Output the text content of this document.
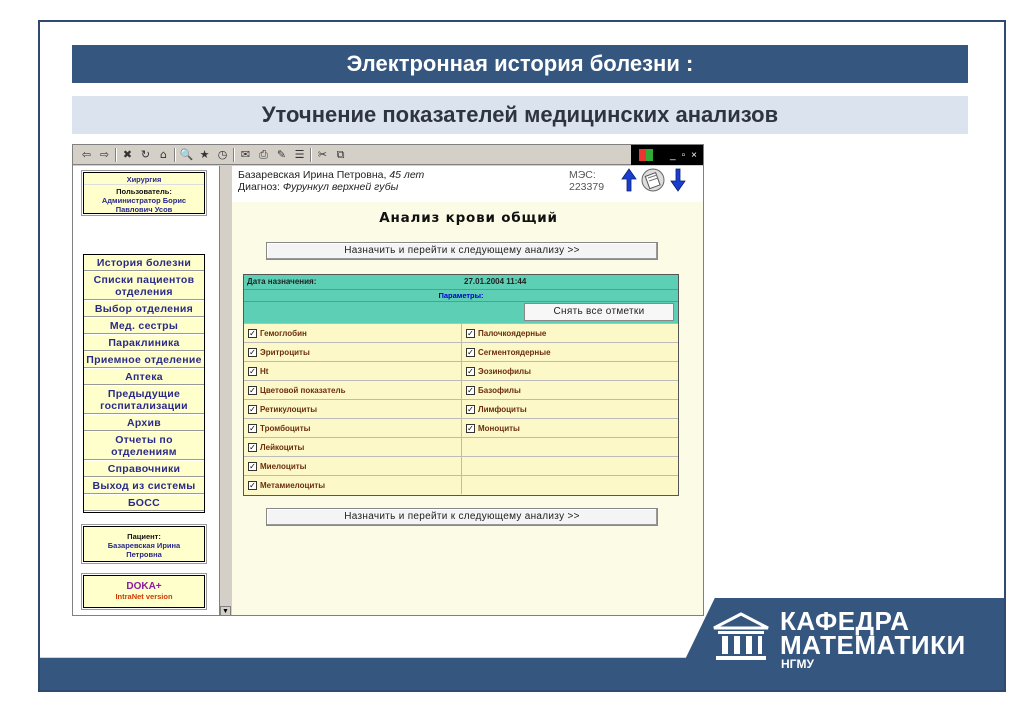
Электронная история болезни :
Уточнение показателей медицинских анализов
КАФЕДРА
МАТЕМАТИКИ
НГМУ
⇦ ⇨ ✖ ↻ ⌂	🔍 ★ ◷ ✉ ⎙ ✎ ☰ ✂ ⧉	_ ▫ ×
Хирургия
Пользователь:
Администратор Борис Павлович Усов
История болезни
Списки пациентов отделения
Выбор отделения
Мед. сестры
Параклиника
Приемное отделение
Аптека
Предыдущие госпитализации
Архив
Отчеты по отделениям
Справочники
Выход из системы
БОСС
Пациент:
Базаревская Ирина Петровна
DOKA+
IntraNet version
▼
Базаревская Ирина Петровна, 45 лет
Диагноз: Фурункул верхней губы
МЭС:
223379
Анализ крови общий
Назначить и перейти к следующему анализу >>
Дата назначения:	27.01.2004 11:44
Параметры:
Снять все отметки
✓ Гемоглобин	✓ Палочкоядерные
✓ Эритроциты	✓ Сегментоядерные
✓ Ht	✓ Эозинофилы
✓ Цветовой показатель	✓ Базофилы
✓ Ретикулоциты	✓ Лимфоциты
✓ Тромбоциты	✓ Моноциты
✓ Лейкоциты
✓ Миелоциты
✓ Метамиелоциты
Назначить и перейти к следующему анализу >>
